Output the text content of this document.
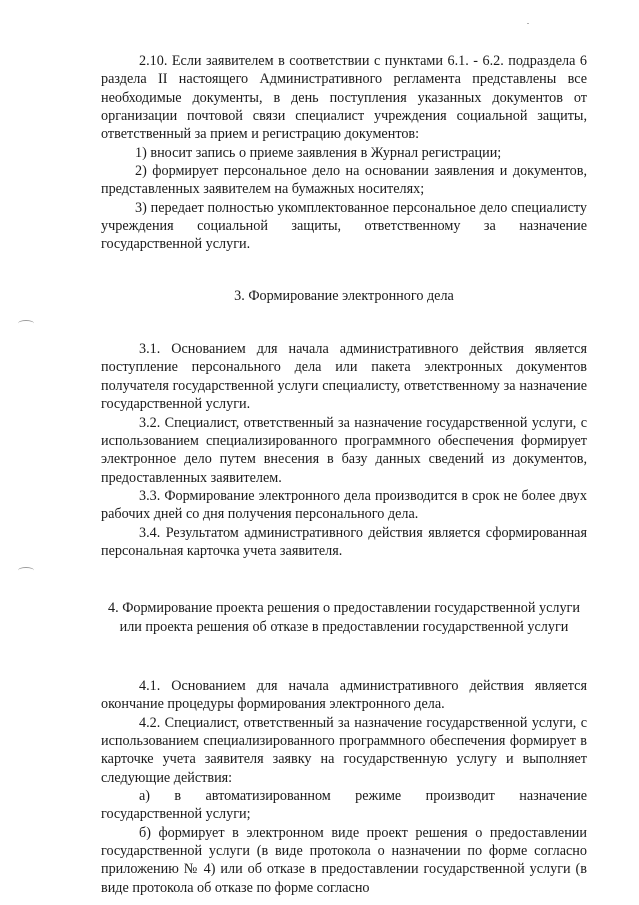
2.10. Если заявителем в соответствии с пунктами 6.1. - 6.2. подраздела 6 раздела II настоящего Административного регламента представлены все необходимые документы, в день поступления указанных документов от организации почтовой связи специалист учреждения социальной защиты, ответственный за прием и регистрацию документов:

1) вносит запись о приеме заявления в Журнал регистрации;

2) формирует персональное дело на основании заявления и документов, представленных заявителем на бумажных носителях;

3) передает полностью укомплектованное персональное дело специалисту учреждения социальной защиты, ответственному за назначение государственной услуги.

3. Формирование электронного дела

3.1. Основанием для начала административного действия является поступление персонального дела или пакета электронных документов получателя государственной услуги специалисту, ответственному за назначение государственной услуги.

3.2. Специалист, ответственный за назначение государственной услуги, с использованием специализированного программного обеспечения формирует электронное дело путем внесения в базу данных сведений из документов, предоставленных заявителем.

3.3. Формирование электронного дела производится в срок не более двух рабочих дней со дня получения персонального дела.

3.4. Результатом административного действия является сформированная персональная карточка учета заявителя.

4. Формирование проекта решения о предоставлении государственной услуги или проекта решения об отказе в предоставлении государственной услуги

4.1. Основанием для начала административного действия является окончание процедуры формирования электронного дела.

4.2. Специалист, ответственный за назначение государственной услуги, с использованием специализированного программного обеспечения формирует в карточке учета заявителя заявку на государственную услугу и выполняет следующие действия:

а) в автоматизированном режиме производит назначение государственной услуги;

б) формирует в электронном виде проект решения о предоставлении государственной услуги (в виде протокола о назначении по форме согласно приложению № 4) или об отказе в предоставлении государственной услуги (в виде протокола об отказе по форме согласно
